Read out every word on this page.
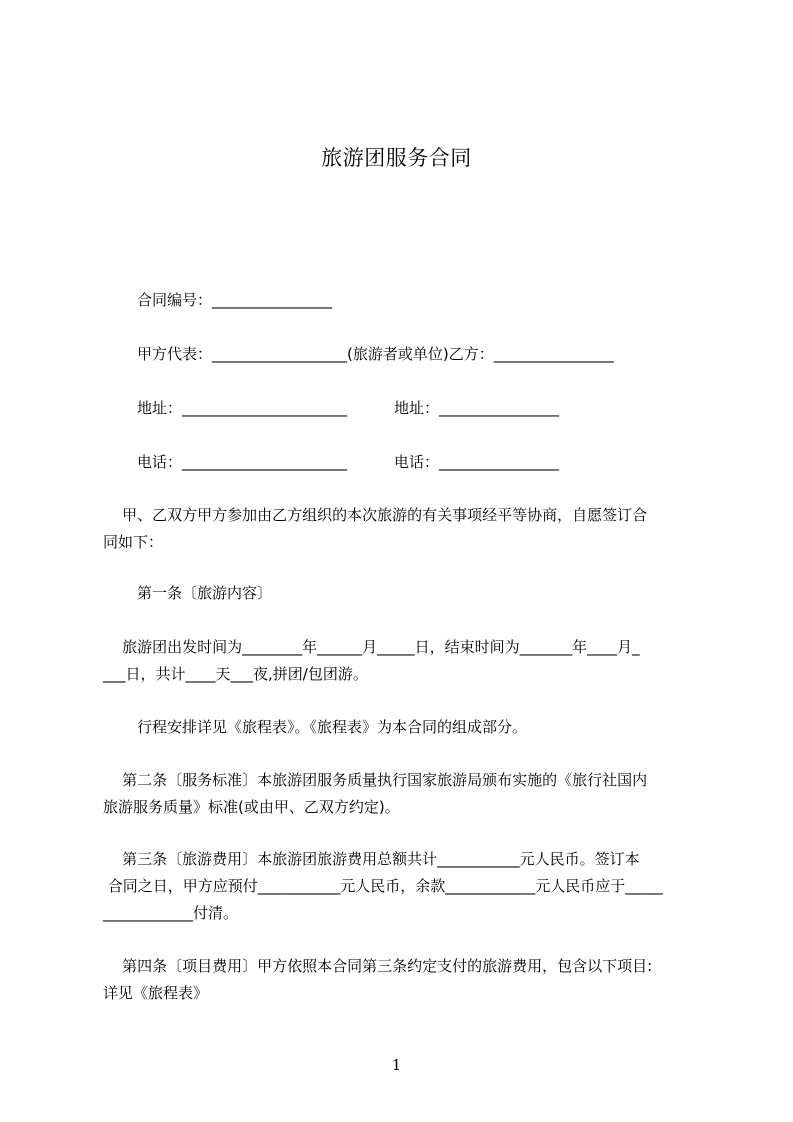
旅游团服务合同
合同编号：________________
甲方代表：__________________(旅游者或单位)乙方：________________
地址：______________________	地址：________________
电话：______________________	电话：________________
甲、乙双方甲方参加由乙方组织的本次旅游的有关事项经平等协商，自愿签订合
同如下：
第一条〔旅游内容〕
旅游团出发时间为________年______月_____日，结束时间为_______年____月_
___日，共计____天___夜,拼团/包团游。
行程安排详见《旅程表》。《旅程表》为本合同的组成部分。
第二条〔服务标准〕本旅游团服务质量执行国家旅游局颁布实施的《旅行社国内
旅游服务质量》标准(或由甲、乙双方约定)。
第三条〔旅游费用〕本旅游团旅游费用总额共计___________元人民币。签订本
合同之日，甲方应预付___________元人民币，余款____________元人民币应于_____
____________付清。
第四条〔项目费用〕甲方依照本合同第三条约定支付的旅游费用，包含以下项目:
详见《旅程表》
1
